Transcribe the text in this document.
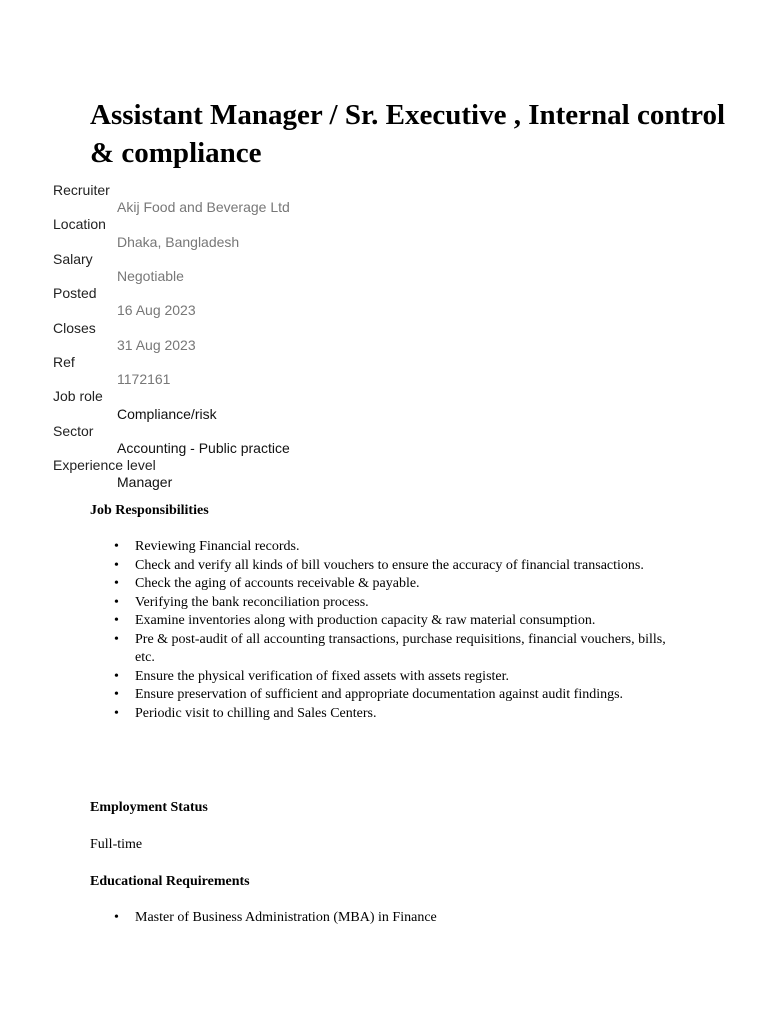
Assistant Manager / Sr. Executive , Internal control & compliance
Recruiter
Akij Food and Beverage Ltd
Location
Dhaka, Bangladesh
Salary
Negotiable
Posted
16 Aug 2023
Closes
31 Aug 2023
Ref
1172161
Job role
Compliance/risk
Sector
Accounting - Public practice
Experience level
Manager
Job Responsibilities
• Reviewing Financial records.
• Check and verify all kinds of bill vouchers to ensure the accuracy of financial transactions.
• Check the aging of accounts receivable & payable.
• Verifying the bank reconciliation process.
• Examine inventories along with production capacity & raw material consumption.
• Pre & post-audit of all accounting transactions, purchase requisitions, financial vouchers, bills, etc.
• Ensure the physical verification of fixed assets with assets register.
• Ensure preservation of sufficient and appropriate documentation against audit findings.
• Periodic visit to chilling and Sales Centers.
Employment Status

Full-time

Educational Requirements
• Master of Business Administration (MBA) in Finance
